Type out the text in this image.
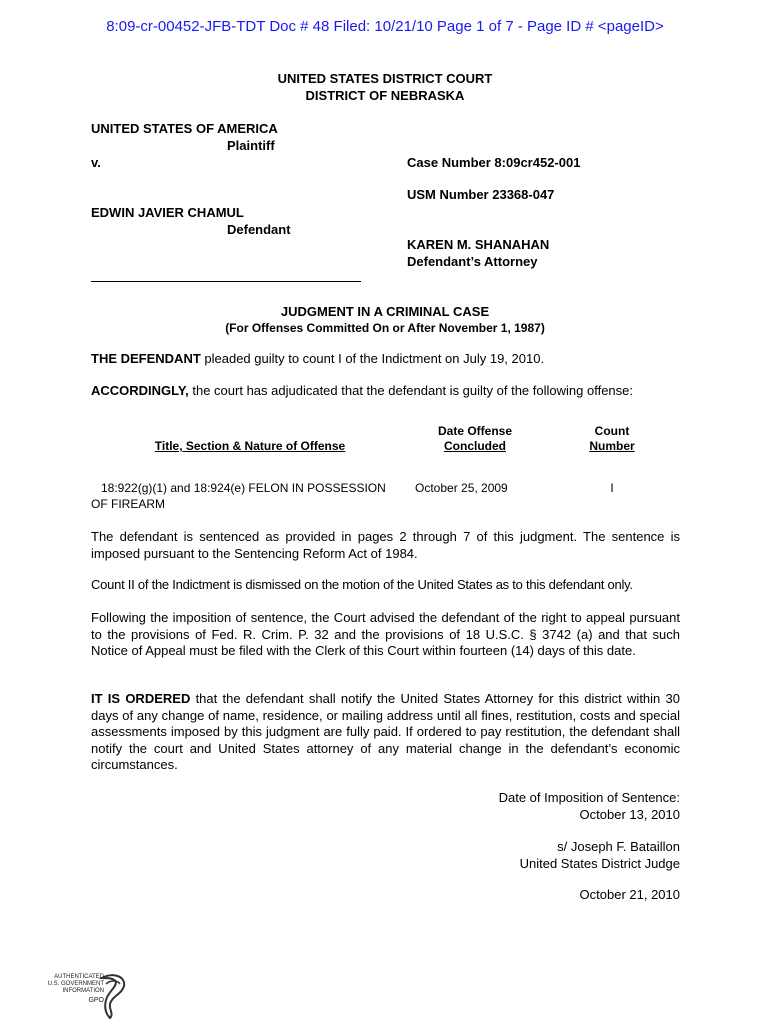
8:09-cr-00452-JFB-TDT Doc # 48 Filed: 10/21/10 Page 1 of 7 - Page ID # <pageID>
UNITED STATES DISTRICT COURT
DISTRICT OF NEBRASKA
UNITED STATES OF AMERICA
Plaintiff
v.
EDWIN JAVIER CHAMUL
Defendant
Case Number 8:09cr452-001
USM Number 23368-047
KAREN M. SHANAHAN
Defendant’s Attorney
JUDGMENT IN A CRIMINAL CASE
(For Offenses Committed On or After November 1, 1987)
THE DEFENDANT pleaded guilty to count I of the Indictment on July 19, 2010.
ACCORDINGLY, the court has adjudicated that the defendant is guilty of the following offense:
Title, Section & Nature of Offense
Date Offense
Concluded
Count
Number
18:922(g)(1) and 18:924(e) FELON IN POSSESSION
OF FIREARM
October 25, 2009	I
The defendant is sentenced as provided in pages 2 through 7 of this judgment. The sentence is imposed pursuant to the Sentencing Reform Act of 1984.
Count II of the Indictment is dismissed on the motion of the United States as to this defendant only.
Following the imposition of sentence, the Court advised the defendant of the right to appeal pursuant to the provisions of Fed. R. Crim. P. 32 and the provisions of 18 U.S.C. § 3742 (a) and that such Notice of Appeal must be filed with the Clerk of this Court within fourteen (14) days of this date.
IT IS ORDERED that the defendant shall notify the United States Attorney for this district within 30 days of any change of name, residence, or mailing address until all fines, restitution, costs and special assessments imposed by this judgment are fully paid. If ordered to pay restitution, the defendant shall notify the court and United States attorney of any material change in the defendant’s economic circumstances.
Date of Imposition of Sentence:
October 13, 2010
s/ Joseph F. Bataillon
United States District Judge
October 21, 2010
AUTHENTICATED
U.S. GOVERNMENT
INFORMATION
GPO
